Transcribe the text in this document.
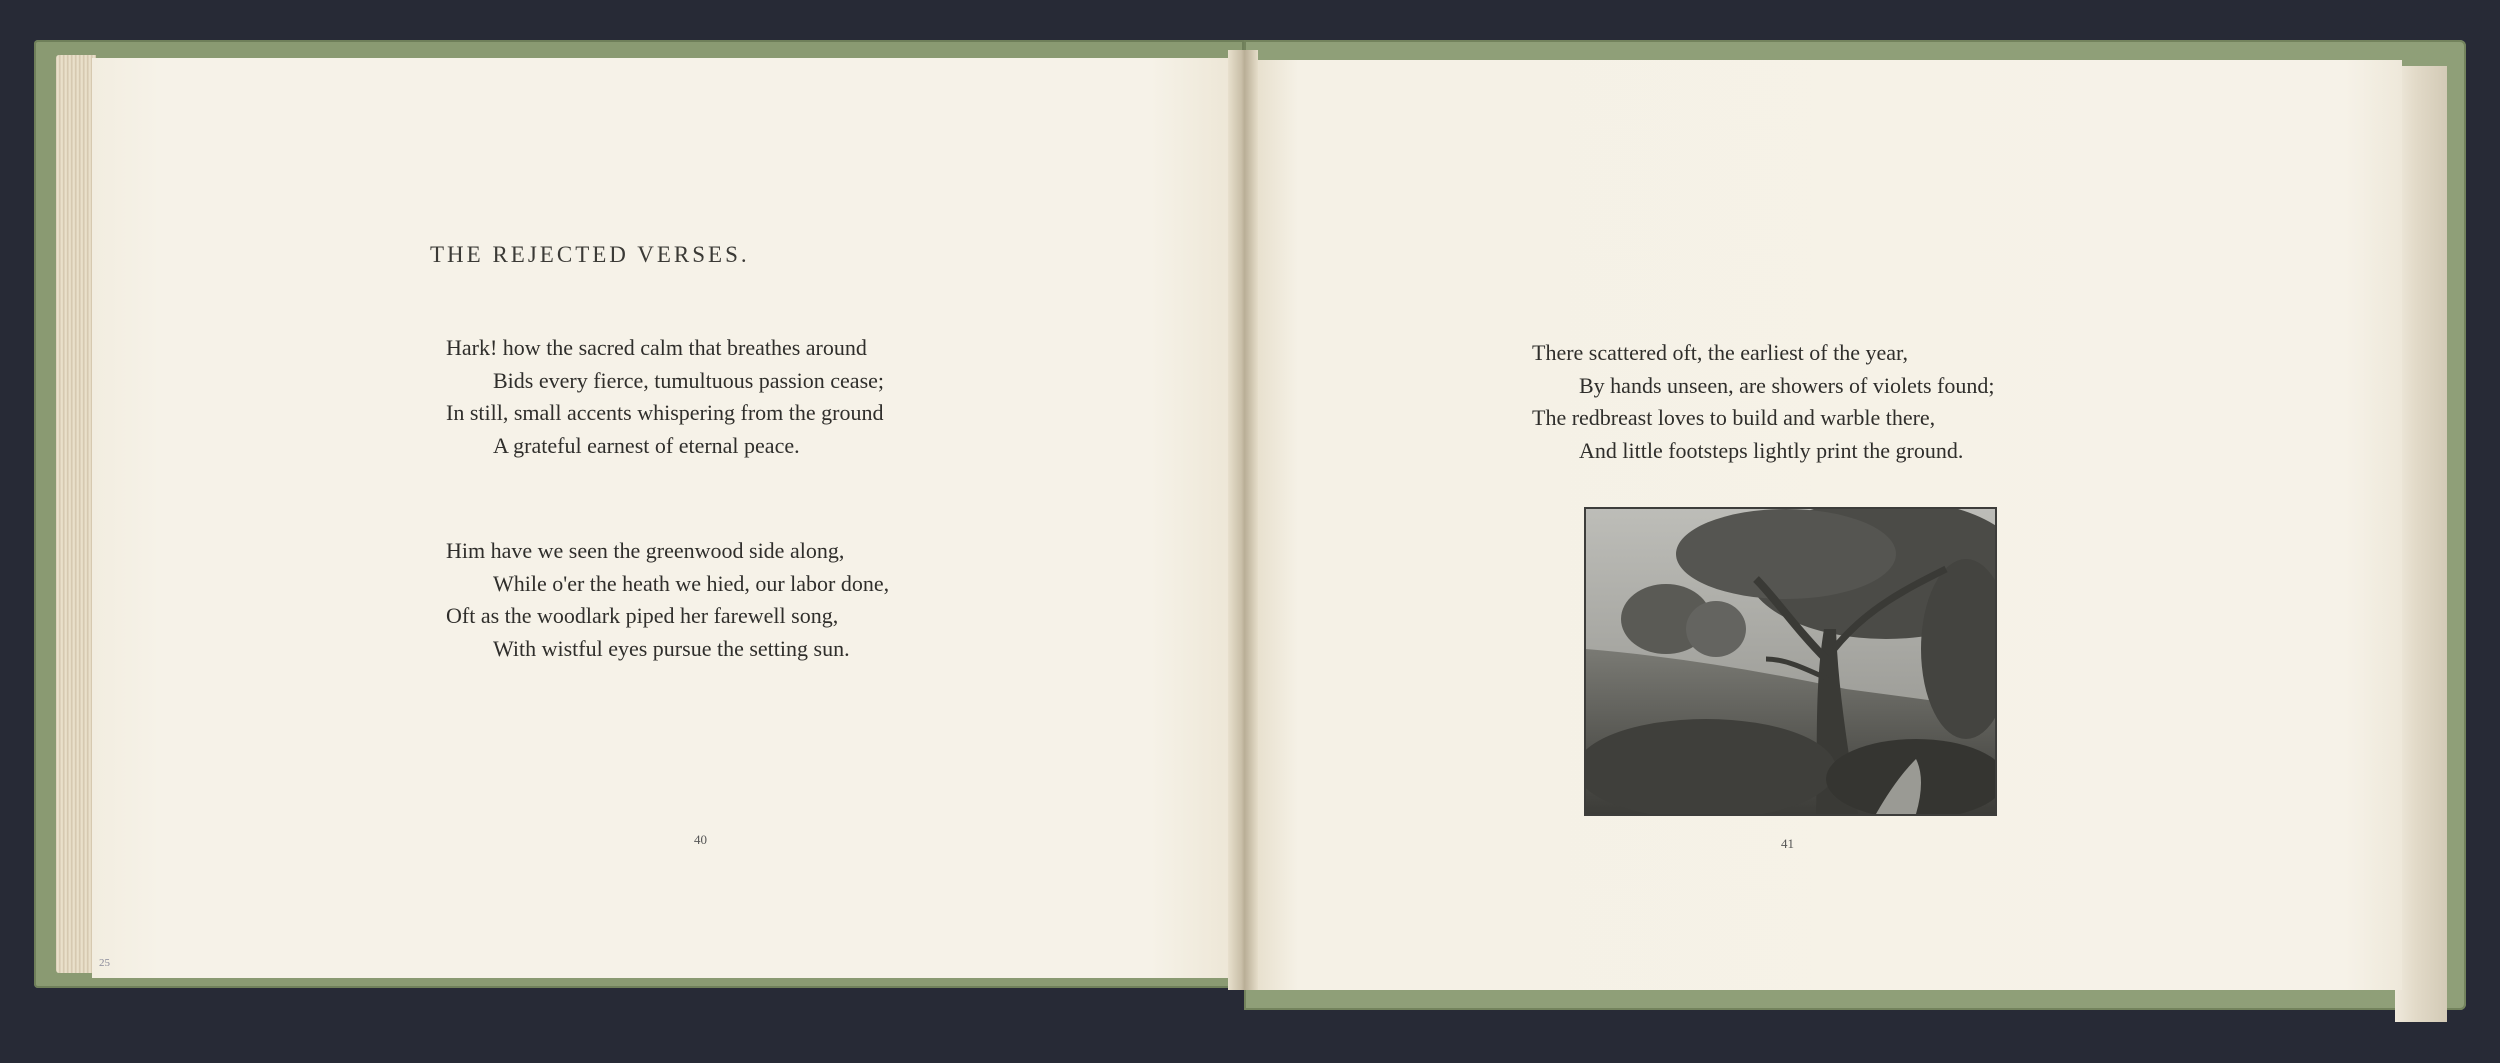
THE REJECTED VERSES.
Hark! how the sacred calm that breathes around
Bids every fierce, tumultuous passion cease;
In still, small accents whispering from the ground
A grateful earnest of eternal peace.
Him have we seen the greenwood side along,
While o'er the heath we hied, our labor done,
Oft as the woodlark piped her farewell song,
With wistful eyes pursue the setting sun.
40
25
There scattered oft, the earliest of the year,
By hands unseen, are showers of violets found;
The redbreast loves to build and warble there,
And little footsteps lightly print the ground.
41
